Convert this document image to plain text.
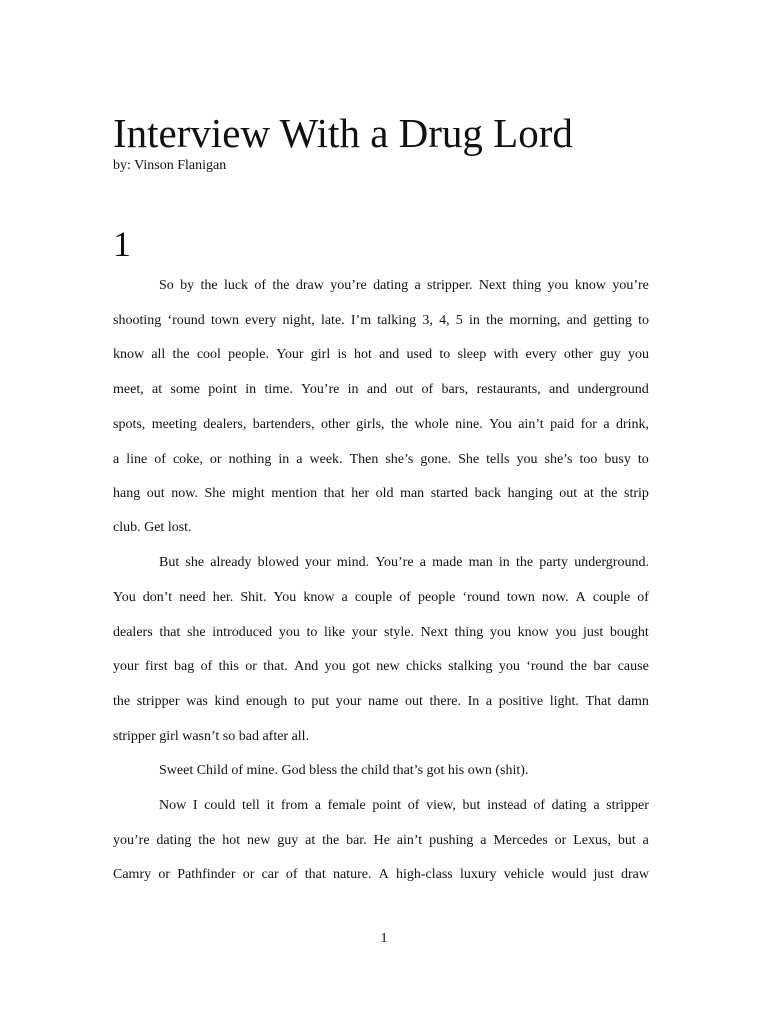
Interview With a Drug Lord

by: Vinson Flanigan

1

So by the luck of the draw you’re dating a stripper. Next thing you know you’re

shooting ‘round town every night, late. I’m talking 3, 4, 5 in the morning, and getting to

know all the cool people. Your girl is hot and used to sleep with every other guy you

meet, at some point in time. You’re in and out of bars, restaurants, and underground

spots, meeting dealers, bartenders, other girls, the whole nine. You ain’t paid for a drink,

a line of coke, or nothing in a week. Then she’s gone. She tells you she’s too busy to

hang out now. She might mention that her old man started back hanging out at the strip

club. Get lost.

But she already blowed your mind. You’re a made man in the party underground.

You don’t need her. Shit. You know a couple of people ‘round town now. A couple of

dealers that she introduced you to like your style. Next thing you know you just bought

your first bag of this or that. And you got new chicks stalking you ‘round the bar cause

the stripper was kind enough to put your name out there. In a positive light. That damn

stripper girl wasn’t so bad after all.

Sweet Child of mine. God bless the child that’s got his own (shit).

Now I could tell it from a female point of view, but instead of dating a stripper

you’re dating the hot new guy at the bar. He ain’t pushing a Mercedes or Lexus, but a

Camry or Pathfinder or car of that nature. A high-class luxury vehicle would just draw

1
